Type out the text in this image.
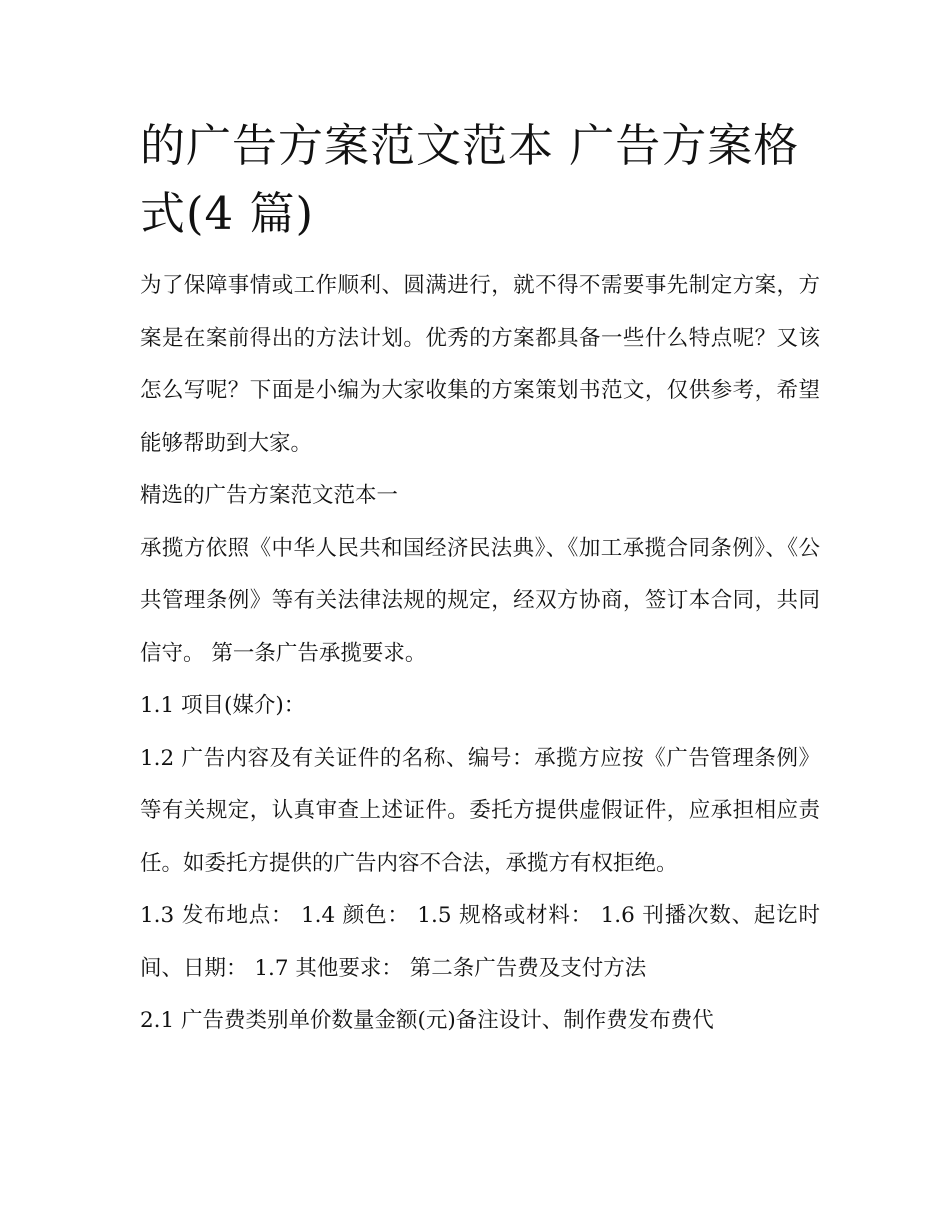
的广告方案范文范本 广告方案格式(4 篇)

为了保障事情或工作顺利、圆满进行，就不得不需要事先制定方案，方案是在案前得出的方法计划。优秀的方案都具备一些什么特点呢？又该怎么写呢？下面是小编为大家收集的方案策划书范文，仅供参考，希望能够帮助到大家。

精选的广告方案范文范本一

承揽方依照《中华人民共和国经济民法典》、《加工承揽合同条例》、《公共管理条例》等有关法律法规的规定，经双方协商，签订本合同，共同信守。 第一条广告承揽要求。

1.1 项目(媒介)：

1.2 广告内容及有关证件的名称、编号：承揽方应按《广告管理条例》等有关规定，认真审查上述证件。委托方提供虚假证件，应承担相应责任。如委托方提供的广告内容不合法，承揽方有权拒绝。

1.3 发布地点： 1.4 颜色： 1.5 规格或材料： 1.6 刊播次数、起讫时间、日期： 1.7 其他要求： 第二条广告费及支付方法

2.1 广告费类别单价数量金额(元)备注设计、制作费发布费代
